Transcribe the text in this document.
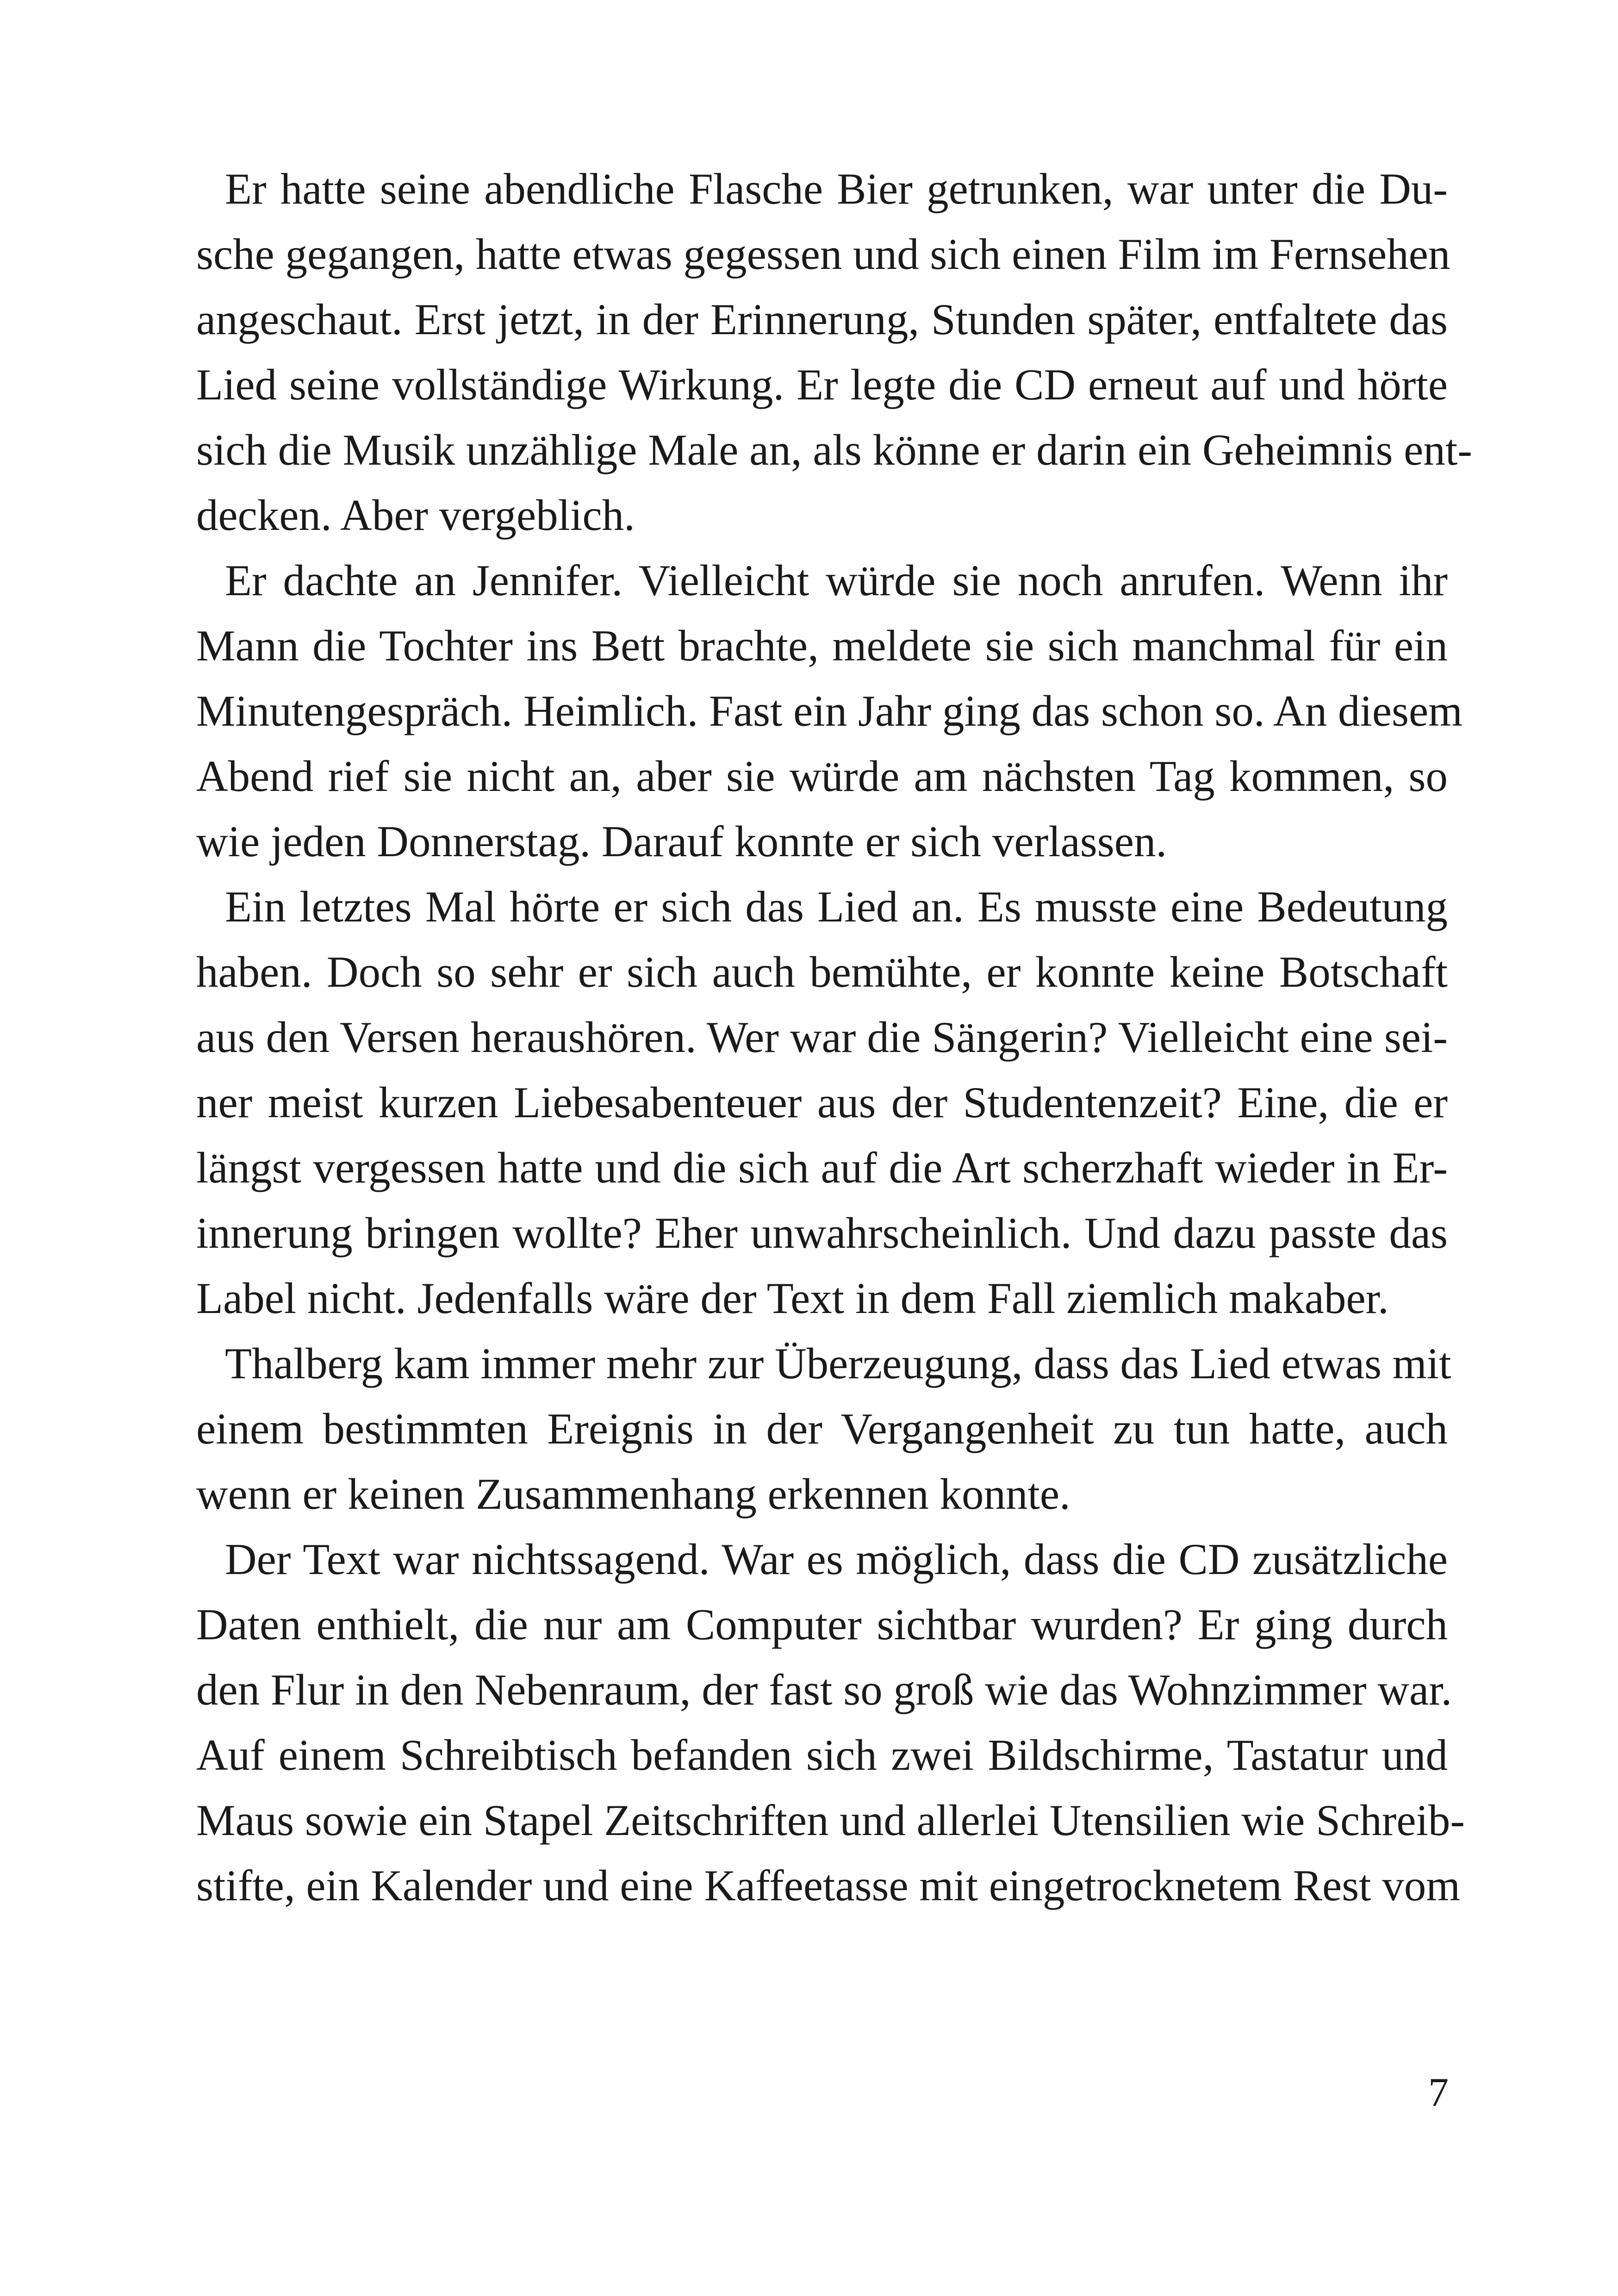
Er hatte seine abendliche Flasche Bier getrunken, war unter die Du-
sche gegangen, hatte etwas gegessen und sich einen Film im Fernsehen
angeschaut. Erst jetzt, in der Erinnerung, Stunden später, entfaltete das
Lied seine vollständige Wirkung. Er legte die CD erneut auf und hörte
sich die Musik unzählige Male an, als könne er darin ein Geheimnis ent-
decken. Aber vergeblich.
Er dachte an Jennifer. Vielleicht würde sie noch anrufen. Wenn ihr
Mann die Tochter ins Bett brachte, meldete sie sich manchmal für ein
Minutengespräch. Heimlich. Fast ein Jahr ging das schon so. An diesem
Abend rief sie nicht an, aber sie würde am nächsten Tag kommen, so
wie jeden Donnerstag. Darauf konnte er sich verlassen.
Ein letztes Mal hörte er sich das Lied an. Es musste eine Bedeutung
haben. Doch so sehr er sich auch bemühte, er konnte keine Botschaft
aus den Versen heraushören. Wer war die Sängerin? Vielleicht eine sei-
ner meist kurzen Liebesabenteuer aus der Studentenzeit? Eine, die er
längst vergessen hatte und die sich auf die Art scherzhaft wieder in Er-
innerung bringen wollte? Eher unwahrscheinlich. Und dazu passte das
Label nicht. Jedenfalls wäre der Text in dem Fall ziemlich makaber.
Thalberg kam immer mehr zur Überzeugung, dass das Lied etwas mit
einem bestimmten Ereignis in der Vergangenheit zu tun hatte, auch
wenn er keinen Zusammenhang erkennen konnte.
Der Text war nichtssagend. War es möglich, dass die CD zusätzliche
Daten enthielt, die nur am Computer sichtbar wurden? Er ging durch
den Flur in den Nebenraum, der fast so groß wie das Wohnzimmer war.
Auf einem Schreibtisch befanden sich zwei Bildschirme, Tastatur und
Maus sowie ein Stapel Zeitschriften und allerlei Utensilien wie Schreib-
stifte, ein Kalender und eine Kaffeetasse mit eingetrocknetem Rest vom
7
